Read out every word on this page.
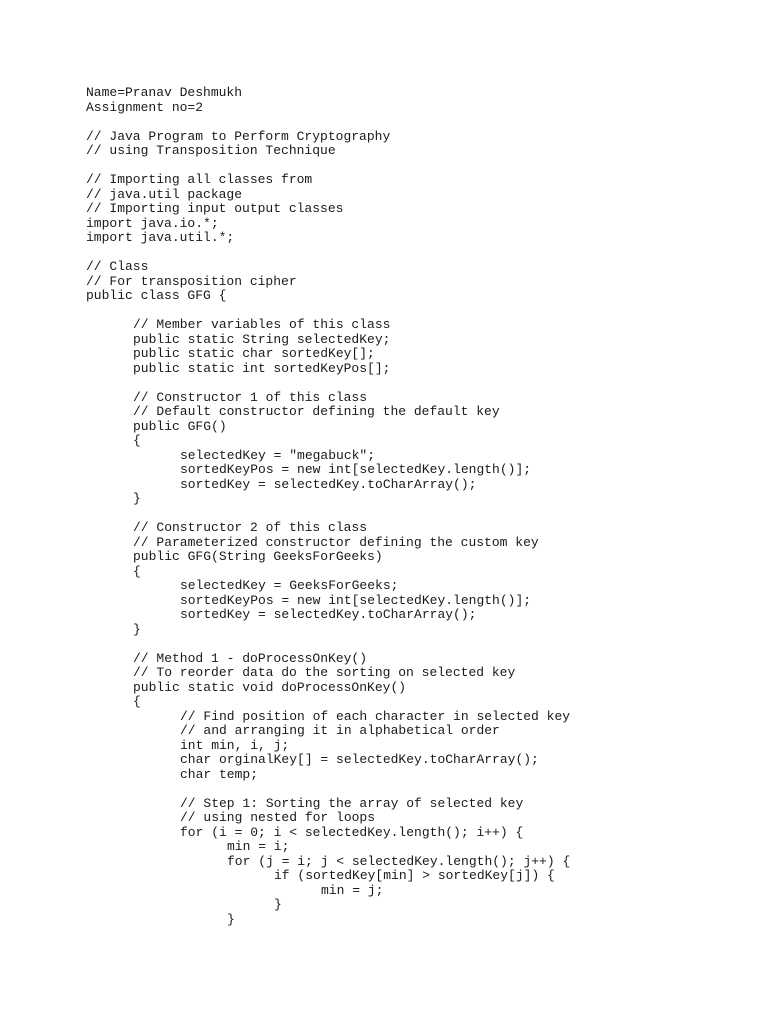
Name=Pranav Deshmukh
Assignment no=2
// Java Program to Perform Cryptography
// using Transposition Technique
// Importing all classes from
// java.util package
// Importing input output classes
import java.io.*;
import java.util.*;
// Class
// For transposition cipher
public class GFG {
	// Member variables of this class
	public static String selectedKey;
	public static char sortedKey[];
	public static int sortedKeyPos[];
	// Constructor 1 of this class
	// Default constructor defining the default key
	public GFG()
	{
		selectedKey = "megabuck";
		sortedKeyPos = new int[selectedKey.length()];
		sortedKey = selectedKey.toCharArray();
	}
	// Constructor 2 of this class
	// Parameterized constructor defining the custom key
	public GFG(String GeeksForGeeks)
	{
		selectedKey = GeeksForGeeks;
		sortedKeyPos = new int[selectedKey.length()];
		sortedKey = selectedKey.toCharArray();
	}
	// Method 1 - doProcessOnKey()
	// To reorder data do the sorting on selected key
	public static void doProcessOnKey()
	{
		// Find position of each character in selected key
		// and arranging it in alphabetical order
		int min, i, j;
		char orginalKey[] = selectedKey.toCharArray();
		char temp;
		// Step 1: Sorting the array of selected key
		// using nested for loops
		for (i = 0; i < selectedKey.length(); i++) {
			min = i;
			for (j = i; j < selectedKey.length(); j++) {
				if (sortedKey[min] > sortedKey[j]) {
					min = j;
				}
			}
